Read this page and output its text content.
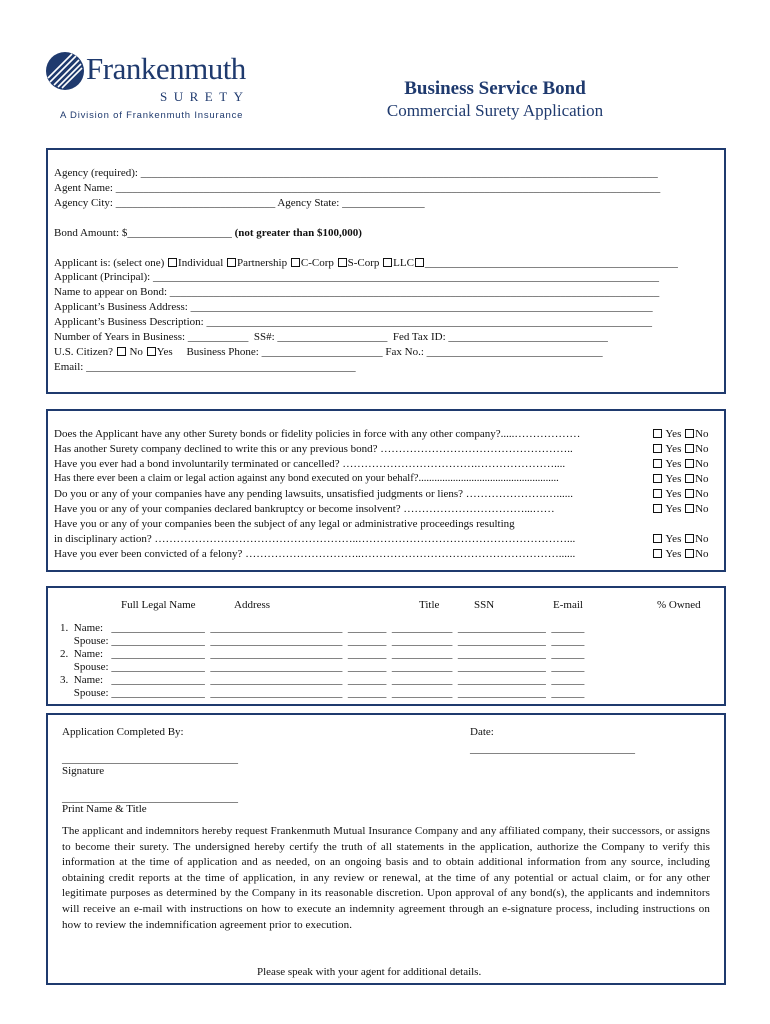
Frankenmuth
SURETY
A Division of Frankenmuth Insurance
Business Service Bond
Commercial Surety Application
Agency (required): ______________________________________________________________________________________________
Agent Name: ___________________________________________________________________________________________________
Agency City: _____________________________ Agency State: _______________
Bond Amount: $___________________ (not greater than $100,000)
Applicant is: (select one) Individual Partnership C-Corp S-Corp LLC ______________________________________________
Applicant (Principal): ____________________________________________________________________________________________
Name to appear on Bond: _________________________________________________________________________________________
Applicant’s Business Address: ____________________________________________________________________________________
Applicant’s Business Description: _________________________________________________________________________________
Number of Years in Business: ___________  SS#: ____________________  Fed Tax ID: _____________________________
U.S. Citizen? No Yes Business Phone: ______________________ Fax No.: ________________________________
Email: _________________________________________________
Does the Applicant have any other Surety bonds or fidelity policies in force with any other company?.....………………	Yes No
Has another Surety company declined to write this or any previous bond? ……………………………………………..	Yes No
Have you ever had a bond involuntarily terminated or cancelled? ……………………………….…………………....	Yes No
Has there ever been a claim or legal action against any bond executed on your behalf?.....................................................	Yes No
Do you or any of your companies have any pending lawsuits, unsatisfied judgments or liens? ………………….…......	Yes No
Have you or any of your companies declared bankruptcy or become insolvent? ……………………………...……	Yes No
Have you or any of your companies been the subject of any legal or administrative proceedings resulting
in disciplinary action? ………………………………………………..…………………………………………………...	Yes No
Have you ever been convicted of a felony? …………………………..………………………………………………......	Yes No
Full Legal Name	Address	Title	SSN	E-mail	% Owned
1.  Name:   _________________  ________________________  _______  ___________  ________________  ______
Spouse: _________________  ________________________  _______  ___________  ________________  ______
2.  Name:   _________________  ________________________  _______  ___________  ________________  ______
Spouse: _________________  ________________________  _______  ___________  ________________  ______
3.  Name:   _________________  ________________________  _______  ___________  ________________  ______
Spouse: _________________  ________________________  _______  ___________  ________________  ______
Application Completed By:	Date:
______________________________
________________________________
Signature
________________________________
Print Name & Title
The applicant and indemnitors hereby request Frankenmuth Mutual Insurance Company and any affiliated company, their successors, or assigns to become their surety. The undersigned hereby certify the truth of all statements in the application, authorize the Company to verify this information at the time of application and as needed, on an ongoing basis and to obtain additional information from any source, including obtaining credit reports at the time of application, in any review or renewal, at the time of any potential or actual claim, or for any other legitimate purposes as determined by the Company in its reasonable discretion. Upon approval of any bond(s), the applicants and indemnitors will receive an e-mail with instructions on how to execute an indemnity agreement through an e-signature process, including instructions on how to review the indemnification agreement prior to execution.
Please speak with your agent for additional details.
